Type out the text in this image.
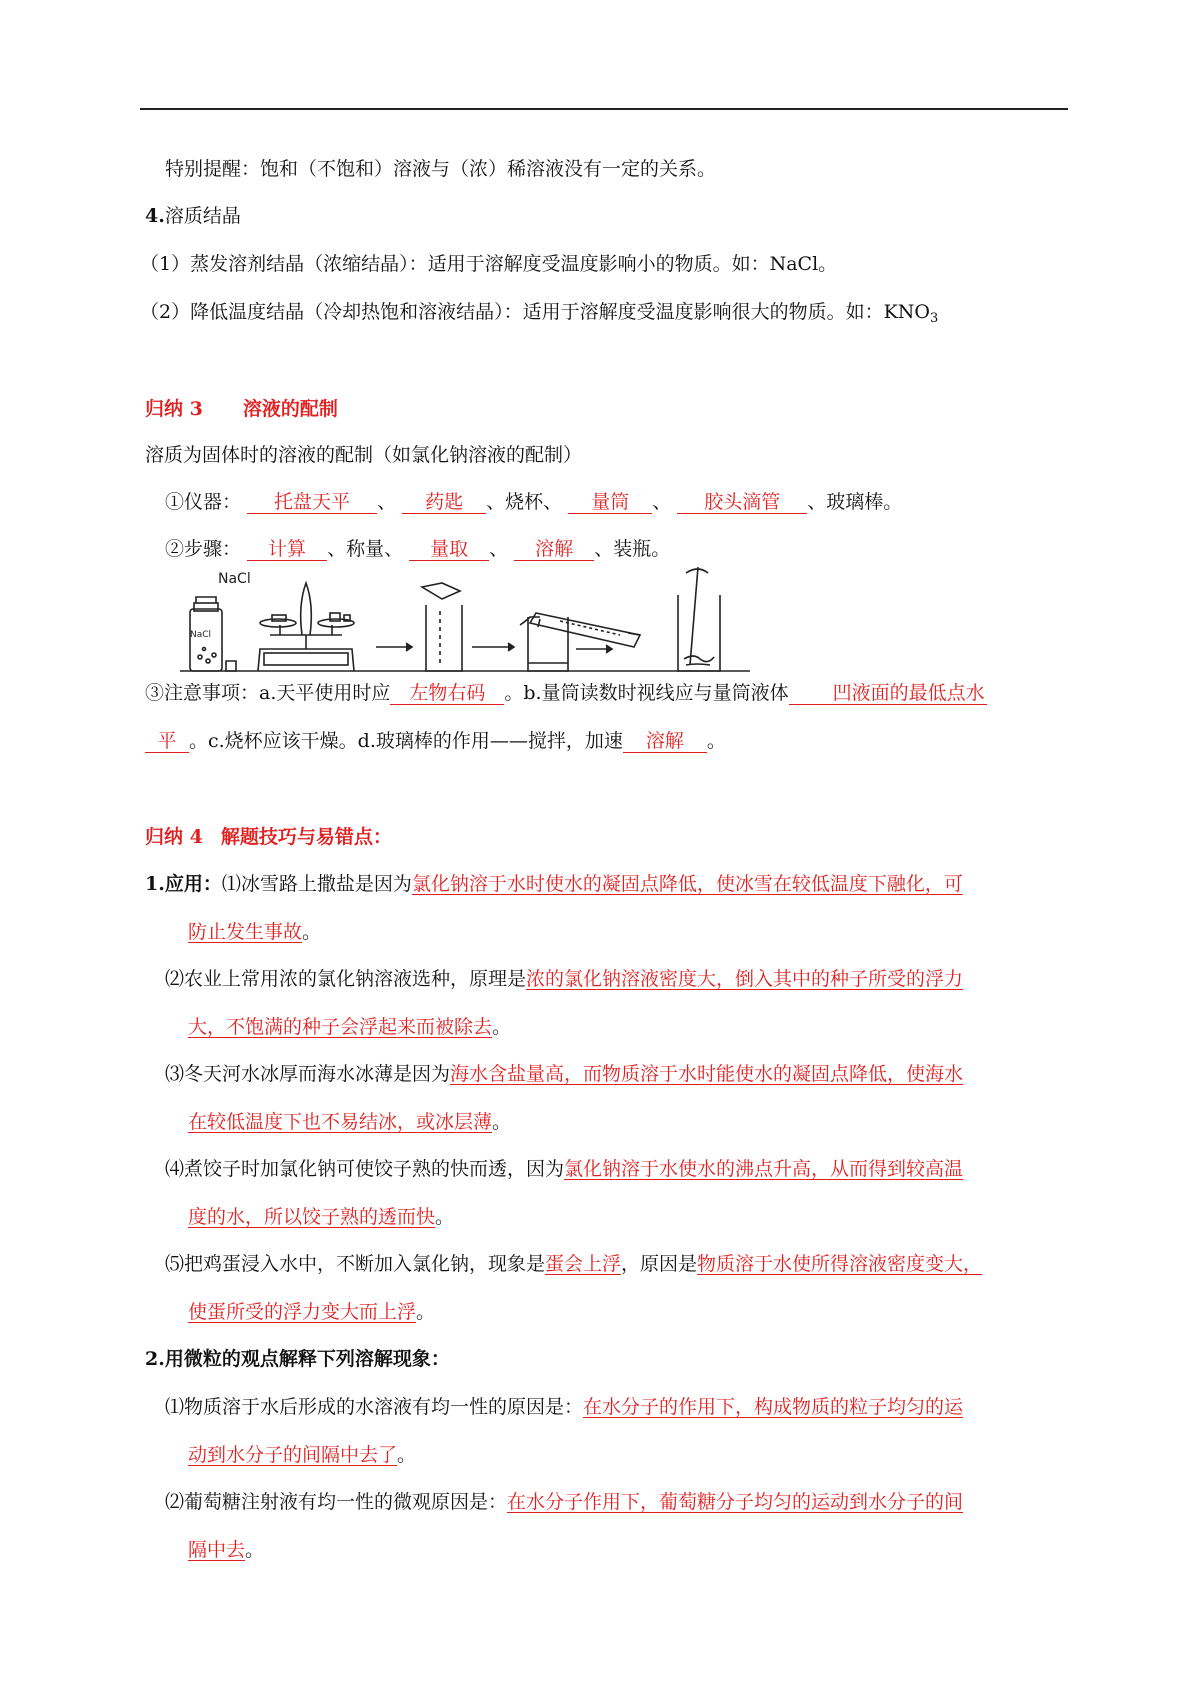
特别提醒：饱和（不饱和）溶液与（浓）稀溶液没有一定的关系。
4.溶质结晶
（1）蒸发溶剂结晶（浓缩结晶）：适用于溶解度受温度影响小的物质。如：NaCl。
（2）降低温度结晶（冷却热饱和溶液结晶）：适用于溶解度受温度影响很大的物质。如：$KNO_3$
归纳 3 溶液的配制
溶质为固体时的溶液的配制（如氯化钠溶液的配制）
①仪器： 托盘天平 、 药匙 、烧杯、 量筒 、 胶头滴管 、玻璃棒。
②步骤： 计算 、称量、 量取 、 溶解 、装瓶。
NaCl
NaCl
③注意事项：a.天平使用时应 左物右码 。b.量筒读数时视线应与量筒液体 凹液面的最低点水
平 。c.烧杯应该干燥。d.玻璃棒的作用——搅拌，加速 溶解 。
归纳 4 解题技巧与易错点：
1.应用：⑴冰雪路上撒盐是因为氯化钠溶于水时使水的凝固点降低，使冰雪在较低温度下融化，可
防止发生事故。
⑵农业上常用浓的氯化钠溶液选种，原理是浓的氯化钠溶液密度大，倒入其中的种子所受的浮力
大，不饱满的种子会浮起来而被除去。
⑶冬天河水冰厚而海水冰薄是因为海水含盐量高，而物质溶于水时能使水的凝固点降低，使海水
在较低温度下也不易结冰，或冰层薄。
⑷煮饺子时加氯化钠可使饺子熟的快而透，因为氯化钠溶于水使水的沸点升高，从而得到较高温
度的水，所以饺子熟的透而快。
⑸把鸡蛋浸入水中，不断加入氯化钠，现象是蛋会上浮，原因是物质溶于水使所得溶液密度变大，
使蛋所受的浮力变大而上浮。
2.用微粒的观点解释下列溶解现象：
⑴物质溶于水后形成的水溶液有均一性的原因是：在水分子的作用下，构成物质的粒子均匀的运
动到水分子的间隔中去了。
⑵葡萄糖注射液有均一性的微观原因是：在水分子作用下，葡萄糖分子均匀的运动到水分子的间
隔中去。
